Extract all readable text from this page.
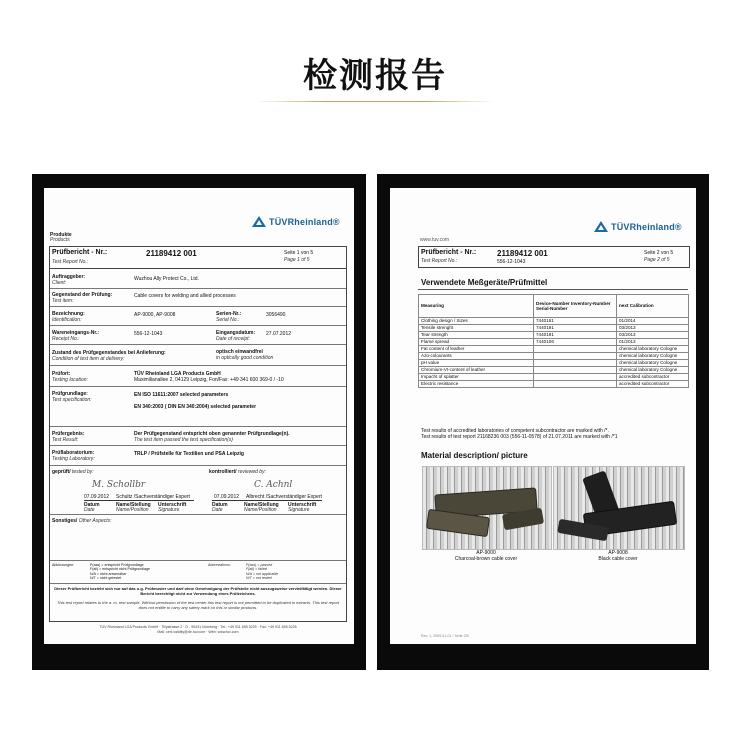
检测报告
TÜVRheinland®
Produkte
Products
Prüfbericht - Nr.:
Test Report No.:
21189412 001	Seite 1 von 5
Page 1 of 5
Auftraggeber:
Client:
Wuzhou Ally Protect Co., Ltd.
Gegenstand der Prüfung:
Test item:
Cable covers for welding and allied processes
Bezeichnung:
Identification:
AP-9000, AP-9008	Serien-Nr.:
Serial No.:
3056490
Wareneingangs-Nr.:
Receipt No.:
556-12-1043	Eingangsdatum:
Date of receipt:
27.07.2012
Zustand des Prüfgegenstandes bei Anlieferung:
Condition of test item at delivery:
optisch einwandfrei
in optically good condition
Prüfort:
Testing location:
TÜV Rheinland LGA Products GmbH
Maximilianallee 2, 04129 Leipzig, Fon/Fax: +49 341 600 369-0 / -10
Prüfgrundlage:
Test specification:
EN ISO 11611:2007 selected parameters
EN 340:2003 ( DIN EN 340:2004) selected parameter
Prüfergebnis:
Test Result:
Der Prüfgegenstand entspricht oben genannter Prüfgrundlage(n).
The test item passed the test specification(s)
Prüflaboratorium:
Testing Laboratory:
TRLP / Prüfstelle für Textilien und PSA Leipzig
geprüft/ tested by:	kontrolliert/ reviewed by:
M. Schollbr	C. Achnl
07.09.2012 Schultz /Sachverständiger Expert	07.09.2012 Albrecht /Sachverständiger Expert
Datum	Name/Stellung Unterschrift
Date	Name/Position Signature
Datum	Name/Stellung Unterschrift
Date	Name/Position Signature
Sonstiges/ Other Aspects:
Abkürzungen:	P(ass) = entspricht Prüfgrundlage
F(ail) = entspricht nicht Prüfgrundlage
N/A = nicht anwendbar
N/T = nicht getestet
Abbreviations:	P(ass) = passed
F(ail) = failed
N/A = not applicable
N/T = not tested
Dieser Prüfbericht bezieht sich nur auf das o.g. Prüfmuster und darf ohne Genehmigung der Prüfstelle nicht auszugsweise vervielfältigt werden. Dieser Bericht berechtigt nicht zur Verwendung eines Prüfzeichens.
This test report relates to the a. m. test sample. Without permission of the test center this test report is not permitted to be duplicated in extracts. This test report does not entitle to carry any safety mark on this or similar products.
TÜV Rheinland LGA Products GmbH · Tillystrasse 2 · D - 90431 Nürnberg · Tel.: +49 911 655 5225 · Fax: +49 911 655 5226
Mail: cert-validity@de.tuv.com · Web: www.tuv.com
TÜVRheinland®
www.tuv.com
Prüfbericht - Nr.:
Test Report No.:
21189412 001
556-12-1043
Seite 2 von 5
Page 2 of 5
Verwendete Meßgeräte/Prüfmittel
Measuring	Device-Number Inventory-Number Serial-Number	next Calibration
Clothing design / Sizes	7440161	01/2014
Tensile strenght	7440191	03/2013
Tear strength	7440191	03/2013
Flame spread	7440106	01/2013
Fat content of leather		chemical laboratory Cologne
Azo-colourants		chemical laboratory Cologne
pH value		chemical laboratory Cologne
Chromium-VI-content of leather		chemical laboratory Cologne
Impacht of splatter		accredited subcontractor
Electric resistance		accredited subcontractor
Test results of accredited laboratories of competent subcontractor are marked with /*.
Test results of test report 21168236 003 (556-11-0578) of 21.07.2011 are marked with /*1
Material description/ picture
AP-9000
Charcoal-brown cable cover
AP-9008
Black cable cover
Rev. 1, 2009-01-01 / Seite 2/5
